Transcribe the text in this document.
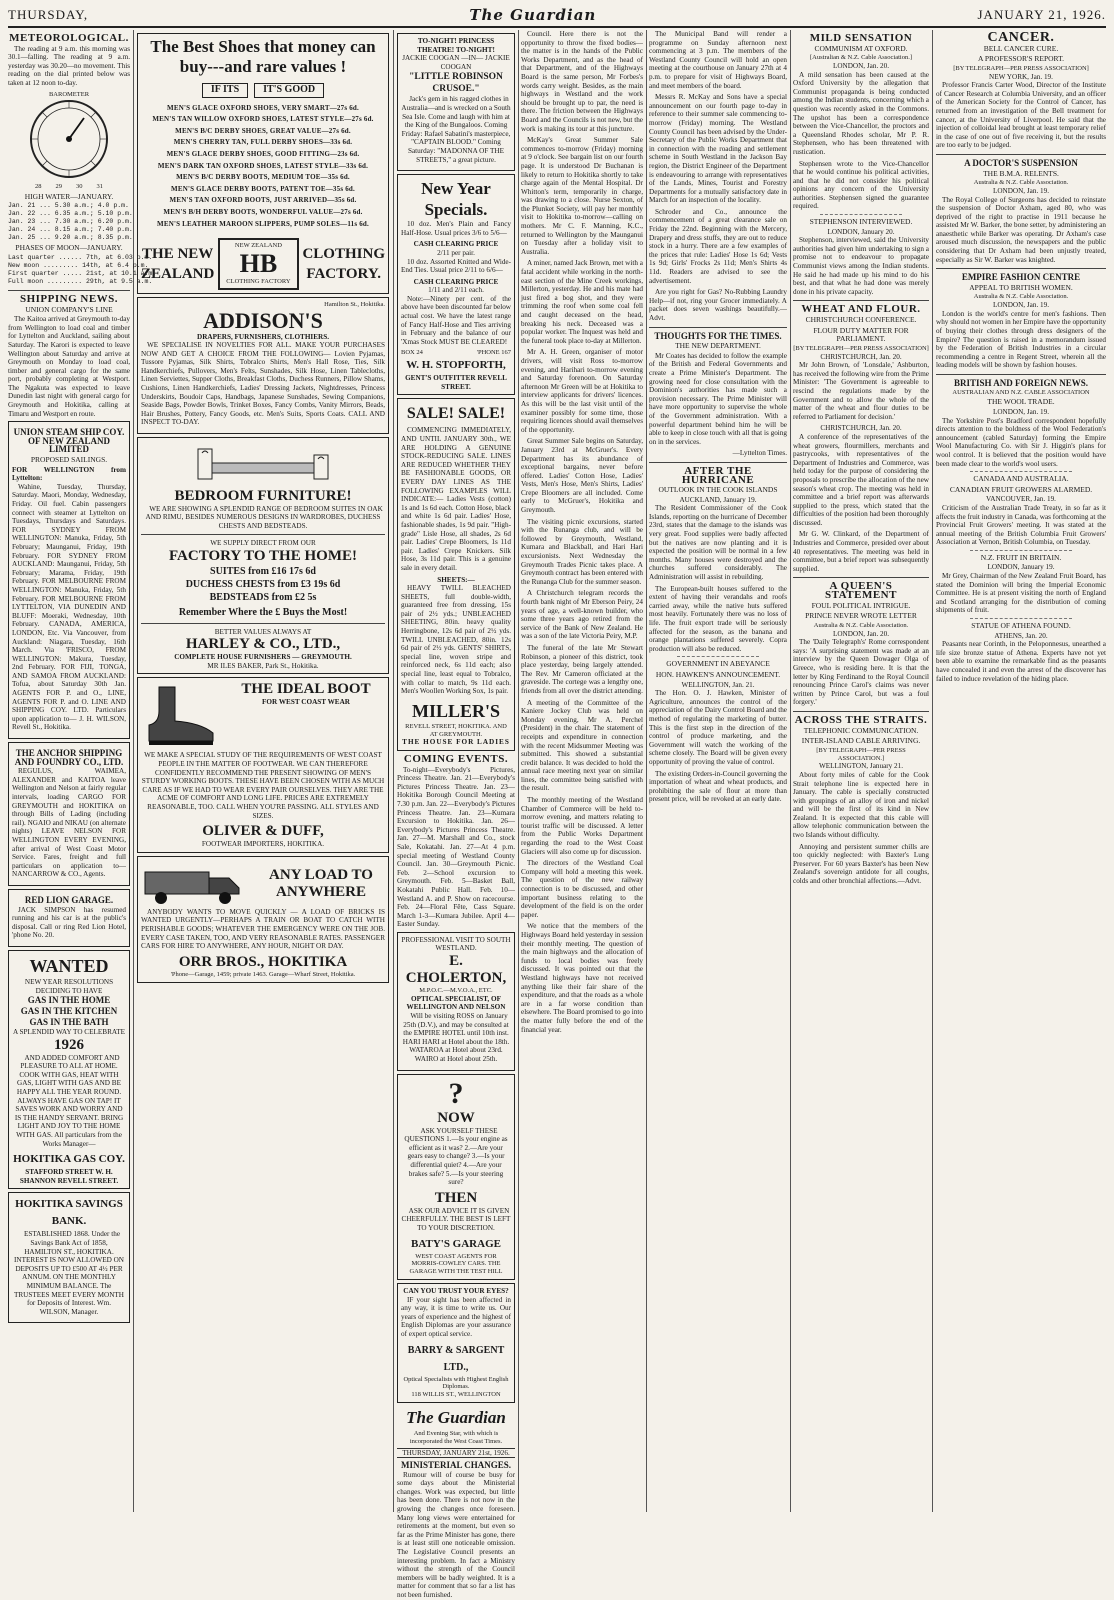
THURSDAY,	The Guardian	JANUARY 21, 1926.
METEOROLOGICAL.

The reading at 9 a.m. this morning was 30.1—falling. The reading at 9 a.m. yesterday was 30.20—no movement. This reading on the dial printed below was taken at 12 noon to-day.

BAROMETER
28 29 30 31
HIGH WATER—JANUARY.
Jan. 21 ... 5.30 a.m.; 4.0 p.m.
Jan. 22 ... 6.35 a.m.; 5.10 p.m.
Jan. 23 ... 7.30 a.m.; 6.20 p.m.
Jan. 24 ... 8.15 a.m.; 7.40 p.m.
Jan. 25 ... 9.20 a.m.; 8.35 p.m.
PHASES OF MOON—JANUARY.
Last quarter ...... 7th, at 6.03 p.m.
New moon ......... 14th, at 6.4 p.m.
First quarter ..... 21st, at 10.1 a.m.
Full moon ......... 29th, at 9.5 a.m.
SHIPPING NEWS.
UNION COMPANY'S LINE

The Kaitoa arrived at Greymouth to-day from Wellington to load coal and timber for Lyttelton and Auckland, sailing about Saturday. The Karori is expected to leave Wellington about Saturday and arrive at Greymouth on Monday to load coal, timber and general cargo for the same port, probably completing at Westport. The Ngakuta was expected to leave Dunedin last night with general cargo for Greymouth and Hokitika, calling at Timaru and Westport en route.

UNION STEAM SHIP COY. OF NEW ZEALAND LIMITED
PROPOSED SAILINGS.
FOR WELLINGTON from Lyttelton:

Wahine, Tuesday, Thursday, Saturday. Maori, Monday, Wednesday, Friday. Oil fuel. Cabin passengers connect with steamer at Lyttelton on Tuesdays, Thursdays and Saturdays. FOR SYDNEY FROM WELLINGTON: Manuka, Friday, 5th February; Maunganui, Friday, 19th February. FOR SYDNEY FROM AUCKLAND: Maunganui, Friday, 5th February; Marama, Friday, 19th February. FOR MELBOURNE FROM WELLINGTON: Manuka, Friday, 5th February. FOR MELBOURNE FROM LYTTELTON, VIA DUNEDIN AND BLUFF: Moeraki, Wednesday, 10th February. CANADA, AMERICA, LONDON, Etc. Via Vancouver, from Auckland: Niagara, Tuesday, 16th March. Via 'FRISCO, FROM WELLINGTON: Makura, Tuesday, 2nd February. FOR FIJI, TONGA, AND SAMOA FROM AUCKLAND: Tofua, about Saturday 30th Jan. AGENTS FOR P. and O., LINE, AGENTS FOR P. and O. LINE AND SHIPPING COY. LTD. Particulars upon application to— J. H. WILSON, Revell St., Hokitika.

THE ANCHOR SHIPPING AND FOUNDRY CO., LTD.

REGULUS, WAIMEA, ALEXANDER and KAITOA leave Wellington and Nelson at fairly regular intervals, loading CARGO FOR GREYMOUTH and HOKITIKA on through Bills of Lading (including rail). NGAIO and NIKAU (on alternate nights) LEAVE NELSON FOR WELLINGTON EVERY EVENING, after arrival of West Coast Motor Service. Fares, freight and full particulars on application to— NANCARROW & CO., Agents.

RED LION GARAGE.

JACK SIMPSON has resumed running and his car is at the public's disposal. Call or ring Red Lion Hotel, 'phone No. 20.

WANTED
NEW YEAR RESOLUTIONS DECIDING TO HAVE
GAS IN THE HOME
GAS IN THE KITCHEN
GAS IN THE BATH
A SPLENDID WAY TO CELEBRATE
1926

AND ADDED COMFORT AND PLEASURE TO ALL AT HOME. COOK WITH GAS, HEAT WITH GAS, LIGHT WITH GAS AND BE HAPPY ALL THE YEAR ROUND. ALWAYS HAVE GAS ON TAP! IT SAVES WORK AND WORRY AND IS THE HANDY SERVANT. BRING LIGHT AND JOY TO THE HOME WITH GAS. All particulars from the Works Manager—

HOKITIKA GAS COY.
STAFFORD STREET W. H. SHANNON REVELL STREET.
HOKITIKA SAVINGS BANK.

ESTABLISHED 1868. Under the Savings Bank Act of 1858, HAMILTON ST., HOKITIKA. INTEREST IS NOW ALLOWED ON DEPOSITS UP TO £500 AT 4½ PER ANNUM. ON THE MONTHLY MINIMUM BALANCE. The TRUSTEES MEET EVERY MONTH for Deposits of Interest. Wm. WILSON, Manager.

The Best Shoes that money can buy---and rare values !
IF ITS	IT'S GOOD
MEN'S GLACE OXFORD SHOES, VERY SMART—27s 6d.
MEN'S TAN WILLOW OXFORD SHOES, LATEST STYLE—27s 6d.
MEN'S B/C DERBY SHOES, GREAT VALUE—27s 6d.
MEN'S CHERRY TAN, FULL DERBY SHOES—33s 6d.
MEN'S GLACE DERBY SHOES, GOOD FITTING—23s 6d.
MEN'S DARK TAN OXFORD SHOES, LATEST STYLE—33s 6d.
MEN'S B/C DERBY BOOTS, MEDIUM TOE—35s 6d.
MEN'S GLACE DERBY BOOTS, PATENT TOE—35s 6d.
MEN'S TAN OXFORD BOOTS, JUST ARRIVED—35s 6d.
MEN'S B/H DERBY BOOTS, WONDERFUL VALUE—27s 6d.
MEN'S LEATHER MAROON SLIPPERS, PUMP SOLES—11s 6d.
THE NEW
ZEALAND
NEW ZEALAND
HB
CLOTHING FACTORY
CLOTHING
FACTORY.
Hamilton St., Hokitika.
ADDISON'S
DRAPERS, FURNISHERS, CLOTHIERS.

WE SPECIALISE IN NOVELTIES FOR ALL. MAKE YOUR PURCHASES NOW AND GET A CHOICE FROM THE FOLLOWING— Lovien Pyjamas, Tussore Pyjamas, Silk Shirts, Tobralco Shirts, Men's Hall Rose, Ties, Silk Handkerchiefs, Pullovers, Men's Felts, Sunshades, Silk Hose, Linen Tablecloths, Linen Serviettes, Supper Cloths, Breakfast Cloths, Duchess Runners, Pillow Shams, Cushions, Linen Handkerchiefs, Ladies' Dressing Jackets, Nightdresses, Princess Underskirts, Boudoir Caps, Handbags, Japanese Sunshades, Sewing Companions, Seaside Bags, Powder Bowls, Trinket Boxes, Fancy Combs, Vanity Mirrors, Beads, Hair Brushes, Pottery, Fancy Goods, etc. Men's Suits, Sports Coats. CALL AND INSPECT TO-DAY.

BEDROOM FURNITURE!

WE ARE SHOWING A SPLENDID RANGE OF BEDROOM SUITES IN OAK AND RIMU, BESIDES NUMEROUS DESIGNS IN WARDROBES, DUCHESS CHESTS AND BEDSTEADS.

WE SUPPLY DIRECT FROM OUR
FACTORY TO THE HOME!
SUITES from £16 17s 6d
DUCHESS CHESTS from £3 19s 6d
BEDSTEADS from £2 5s
Remember Where the £ Buys the Most!
BETTER VALUES ALWAYS AT
HARLEY & CO., LTD.,
COMPLETE HOUSE FURNISHERS — GREYMOUTH.
MR ILES BAKER, Park St., Hokitika.
THE IDEAL BOOT
FOR WEST COAST WEAR

WE MAKE A SPECIAL STUDY OF THE REQUIREMENTS OF WEST COAST PEOPLE IN THE MATTER OF FOOTWEAR. WE CAN THEREFORE CONFIDENTLY RECOMMEND THE PRESENT SHOWING OF MEN'S STURDY WORKING BOOTS. THESE HAVE BEEN CHOSEN WITH AS MUCH CARE AS IF WE HAD TO WEAR EVERY PAIR OURSELVES. THEY ARE THE ACME OF COMFORT AND LONG LIFE. PRICES ARE EXTREMELY REASONABLE, TOO. CALL WHEN YOU'RE PASSING. ALL STYLES AND SIZES.

OLIVER & DUFF,
FOOTWEAR IMPORTERS, HOKITIKA.
ANY LOAD TO ANYWHERE

ANYBODY WANTS TO MOVE QUICKLY — A LOAD OF BRICKS IS WANTED URGENTLY—PERHAPS A TRAIN OR BOAT TO CATCH WITH PERISHABLE GOODS; WHATEVER THE EMERGENCY WERE ON THE JOB. EVERY CASE TAKEN, TOO, AND VERY REASONABLE RATES. PASSENGER CARS FOR HIRE TO ANYWHERE, ANY HOUR, NIGHT OR DAY.

ORR BROS., HOKITIKA
'Phone—Garage, 1459; private 1463. Garage—Wharf Street, Hokitika.
TO-NIGHT! PRINCESS THEATRE! TO-NIGHT!
JACKIE COOGAN —IN— JACKIE COOGAN
"LITTLE ROBINSON CRUSOE."

Jack's gem in his ragged clothes in Australia—and is wrecked on a South Sea Isle. Come and laugh with him at the King of the Bungaloos. Coming Friday: Rafael Sabatini's masterpiece, "CAPTAIN BLOOD." Coming Saturday: "MADONNA OF THE STREETS," a great picture.

New Year Specials.

10 doz. Men's Plain and Fancy Half-Hose. Usual prices 3/6 to 5/6—

CASH CLEARING PRICE
2/11 per pair.

10 doz. Assorted Knitted and Wide-End Ties. Usual price 2/11 to 6/6—

CASH CLEARING PRICE
1/11 and 2/11 each.

Note:—Ninety per cent. of the above have been discounted far below actual cost. We have the latest range of Fancy Half-Hose and Ties arriving in February and the balance of our 'Xmas Stock MUST BE CLEARED!

BOX 24	'PHONE 167
W. H. STOPFORTH,
GENT'S OUTFITTER REVELL STREET.
SALE! SALE!

COMMENCING IMMEDIATELY, AND UNTIL JANUARY 30th., WE ARE HOLDING A GENUINE STOCK-REDUCING SALE. LINES ARE REDUCED WHETHER THEY BE FASHIONABLE GOODS, OR EVERY DAY LINES AS THE FOLLOWING EXAMPLES WILL INDICATE:— Ladies Vests (cotton) 1s and 1s 6d each. Cotton Hose, black and white 1s 6d pair. Ladies' Hose, fashionable shades, 1s 9d pair. "High-grade" Lisle Hose, all shades, 2s 6d pair. Ladies' Crepe Bloomers, 1s 11d pair. Ladies' Crepe Knickers. Silk Hose, 3s 11d pair. This is a genuine sale in every detail.

SHEETS:—

HEAVY TWILL BLEACHED SHEETS, full double-width, guaranteed free from dressing, 15s pair of 2½ yds.; UNBLEACHED SHEETING, 80in. heavy quality Herringbone, 12s 6d pair of 2½ yds. TWILL UNBLEACHED, 80in. 12s 6d pair of 2½ yds. GENTS' SHIRTS, special line, woven stripe and reinforced neck, 6s 11d each; also special line, least equal to Tobralco, with collar to match, 9s 11d each. Men's Woollen Working Sox, 1s pair.

MILLER'S
REVELL STREET, HOKITIKA. AND AT GREYMOUTH.
THE HOUSE FOR LADIES
COMING EVENTS.

To-night—Everybody's Pictures, Princess Theatre. Jan. 21—Everybody's Pictures Princess Theatre. Jan. 23—Hokitika Borough Council Meeting at 7.30 p.m. Jan. 22—Everybody's Pictures Princess Theatre. Jan. 23—Kumara Excursion to Hokitika. Jan. 26—Everybody's Pictures Princess Theatre. Jan. 27—M. Marshall and Co., stock Sale, Kokatahi. Jan. 27—At 4 p.m. special meeting of Westland County Council. Jan. 30—Greymouth Picnic. Feb. 2—School excursion to Greymouth. Feb. 5—Basket Ball, Kokatahi Public Hall. Feb. 10—Westland A. and P. Show on racecourse. Feb. 24—Floral Fête, Cass Square. March 1-3—Kumara Jubilee. April 4—Easter Sunday.

PROFESSIONAL VISIT TO SOUTH WESTLAND.
E. CHOLERTON,
M.P.O.C.—M.V.O.A., ETC.
OPTICAL SPECIALIST, OF WELLINGTON AND NELSON

Will be visiting ROSS on January 25th (D.V.), and may be consulted at the EMPIRE HOTEL until 10th inst. HARI HARI at Hotel about the 18th. WATAROA at Hotel about 23rd. WAIRO at Hotel about 25th.

?
NOW

ASK YOURSELF THESE QUESTIONS 1.—Is your engine as efficient as it was? 2.—Are your gears easy to change? 3.—Is your differential quiet? 4.—Are your brakes safe? 5.—Is your steering sure?

THEN

ASK OUR ADVICE IT IS GIVEN CHEERFULLY. THE BEST IS LEFT TO YOUR DISCRETION.

BATY'S GARAGE
WEST COAST AGENTS FOR MORRIS-COWLEY CARS. THE GARAGE WITH THE TEST HILL
CAN YOU TRUST YOUR EYES?

IF your sight has been affected in any way, it is time to write us. Our years of experience and the highest of English Diplomas are your assurance of expert optical service.

BARRY & SARGENT LTD.,
Optical Specialists with Highest English Diplomas.
118 WILLIS ST., WELLINGTON
The Guardian
And Evening Star, with which is incorporated the West Coast Times.
THURSDAY, JANUARY 21st, 1926.
MINISTERIAL CHANGES.

Rumour will of course be busy for some days about the Ministerial changes. Work was expected, but little has been done. There is not now in the growing the changes once foreseen. Many long views were entertained for retirements at the moment, but even so far as the Prime Minister has gone, there is at least still one noticeable omission. The Legislative Council presents an interesting problem. In fact a Ministry without the strength of the Council members will be badly weighted. It is a matter for comment that so far a list has not been furnished.

Council. Here there is not the opportunity to throw the fixed bodies—the matter is in the hands of the Public Works Department, and as the head of that Department, and of the Highways Board is the same person, Mr Forbes's words carry weight. Besides, as the main highways in Westland and the work should be brought up to par, the need is there. The friction between the Highways Board and the Councils is not new, but the work is making its tour at this juncture.

McKay's Great Summer Sale commences to-morrow (Friday) morning at 9 o'clock. See bargain list on our fourth page. It is understood Dr Buchanan is likely to return to Hokitika shortly to take charge again of the Mental Hospital. Dr Whitton's term, temporarily in charge, was drawing to a close. Nurse Sexton, of the Plunket Society, will pay her monthly visit to Hokitika to-morrow—calling on mothers. Mr C. F. Manning, K.C., returned to Wellington by the Maunganui on Tuesday after a holiday visit to Australia.

A miner, named Jack Brown, met with a fatal accident while working in the north-east section of the Mine Creek workings, Millerton, yesterday. He and his mate had just fired a bog shot, and they were trimming the roof when some coal fell and caught deceased on the head, breaking his neck. Deceased was a popular worker. The Inquest was held and the funeral took place to-day at Millerton.

Mr A. H. Green, organiser of motor drivers, will visit Ross to-morrow evening, and Harihari to-morrow evening and Saturday forenoon. On Saturday afternoon Mr Green will be at Hokitika to interview applicants for drivers' licences. As this will be the last visit until of the examiner possibly for some time, those requiring licences should avail themselves of the opportunity.

Great Summer Sale begins on Saturday, January 23rd at McGruer's. Every Department has its abundance of exceptional bargains, never before offered. Ladies' Cotton Hose, Ladies' Vests, Men's Hose, Men's Shirts, Ladies' Crepe Bloomers are all included. Come early to McGruer's, Hokitika and Greymouth.

The visiting picnic excursions, started with the Runanga club, and will be followed by Greymouth, Westland, Kumara and Blackball, and Hari Hari excursionists. Next Wednesday the Greymouth Trades Picnic takes place. A Greymouth contract has been entered with the Runanga Club for the summer season.

A Christchurch telegram records the fourth bank night of Mr Eberson Peiry, 24 years of age, a well-known builder, who some three years ago retired from the service of the Bank of New Zealand. He was a son of the late Victoria Peiry, M.P.

The funeral of the late Mr Stewart Robinson, a pioneer of this district, took place yesterday, being largely attended. The Rev. Mr Cameron officiated at the graveside. The cortege was a lengthy one, friends from all over the district attending.

A meeting of the Committee of the Kaniere Jockey Club was held on Monday evening, Mr A. Perchel (President) in the chair. The statement of receipts and expenditure in connection with the recent Midsummer Meeting was submitted. This showed a substantial credit balance. It was decided to hold the annual race meeting next year on similar lines, the committee being satisfied with the result.

The monthly meeting of the Westland Chamber of Commerce will be held to-morrow evening, and matters relating to tourist traffic will be discussed. A letter from the Public Works Department regarding the road to the West Coast Glaciers will also come up for discussion.

The directors of the Westland Coal Company will hold a meeting this week. The question of the new railway connection is to be discussed, and other important business relating to the development of the field is on the order paper.

We notice that the members of the Highways Board held yesterday in session their monthly meeting. The question of the main highways and the allocation of funds to local bodies was freely discussed. It was pointed out that the Westland highways have not received anything like their fair share of the expenditure, and that the roads as a whole are in a far worse condition than elsewhere. The Board promised to go into the matter fully before the end of the financial year.

The Municipal Band will render a programme on Sunday afternoon next commencing at 3 p.m. The members of the Westland County Council will hold an open meeting at the courthouse on January 27th at 4 p.m. to prepare for visit of Highways Board, and meet members of the board.

Messrs R. McKay and Sons have a special announcement on our fourth page to-day in reference to their summer sale commencing to-morrow (Friday) morning. The Westland County Council has been advised by the Under-Secretary of the Public Works Department that in connection with the roading and settlement scheme in South Westland in the Jackson Bay region, the District Engineer of the Department is endeavouring to arrange with representatives of the Lands, Mines, Tourist and Forestry Departments for a mutually satisfactory date in March for an inspection of the locality.

Schroder and Co., announce the commencement of a great clearance sale on Friday the 22nd. Beginning with the Mercery, Drapery and dress stuffs, they are out to reduce stock in a hurry. There are a few examples of the prices that rule: Ladies' Hose 1s 6d; Vests 1s 9d; Girls' Frocks 2s 11d; Men's Shirts 4s 11d. Readers are advised to see the advertisement.

Are you right for Gas? No-Rubbing Laundry Help—if not, ring your Grocer immediately. A packet does seven washings beautifully.—Advt.

THOUGHTS FOR THE TIMES.
THE NEW DEPARTMENT.

Mr Coates has decided to follow the example of the British and Federal Governments and create a Prime Minister's Department. The growing need for close consultation with the Dominion's authorities has made such a provision necessary. The Prime Minister will have more opportunity to supervise the whole of the Government administration. With a powerful department behind him he will be able to keep in close touch with all that is going on in the services.

—Lyttelton Times.
AFTER THE HURRICANE
OUTLOOK IN THE COOK ISLANDS
AUCKLAND, January 19.

The Resident Commissioner of the Cook Islands, reporting on the hurricane of December 23rd, states that the damage to the islands was very great. Food supplies were badly affected but the natives are now planting and it is expected the position will be normal in a few months. Many houses were destroyed and the churches suffered considerably. The Administration will assist in rebuilding.

The European-built houses suffered to the extent of having their verandahs and roofs carried away, while the native huts suffered most heavily. Fortunately there was no loss of life. The fruit export trade will be seriously affected for the season, as the banana and orange plantations suffered severely. Copra production will also be reduced.

GOVERNMENT IN ABEYANCE
HON. HAWKEN'S ANNOUNCEMENT.
WELLINGTON, Jan. 21.

The Hon. O. J. Hawken, Minister of Agriculture, announces the control of the appreciation of the Dairy Control Board and the method of regulating the marketing of butter. This is the first step in the direction of the control of produce marketing, and the Government will watch the working of the scheme closely. The Board will be given every opportunity of proving the value of control.

The existing Orders-in-Council governing the importation of wheat and wheat products, and prohibiting the sale of flour at more than present price, will be revoked at an early date.

MILD SENSATION
COMMUNISM AT OXFORD.
[Australian & N.Z. Cable Association.]
LONDON, Jan. 20.

A mild sensation has been caused at the Oxford University by the allegation that Communist propaganda is being conducted among the Indian students, concerning which a question was recently asked in the Commons. The upshot has been a correspondence between the Vice-Chancellor, the proctors and a Queensland Rhodes scholar, Mr P. R. Stephensen, who has been threatened with rustication.

Stephensen wrote to the Vice-Chancellor that he would continue his political activities, and that he did not consider his political opinions any concern of the University authorities. Stephensen signed the guarantee required.

STEPHENSON INTERVIEWED.
LONDON, January 20.

Stephenson, interviewed, said the University authorities had given him undertaking to sign a promise not to endeavour to propagate Communist views among the Indian students. He said he had made up his mind to do his best, and that what he had done was merely done in his private capacity.

WHEAT AND FLOUR.
CHRISTCHURCH CONFERENCE.
FLOUR DUTY MATTER FOR PARLIAMENT.
[BY TELEGRAPH—PER PRESS ASSOCIATION]
CHRISTCHURCH, Jan. 20.

Mr John Brown, of 'Lonsdale,' Ashburton, has received the following wire from the Prime Minister: 'The Government is agreeable to rescind the regulations made by the Government and to allow the whole of the matter of the wheat and flour duties to be referred to Parliament for decision.'

CHRISTCHURCH, Jan. 20.

A conference of the representatives of the wheat growers, flourmillers, merchants and pastrycooks, with representatives of the Department of Industries and Commerce, was held today for the purpose of considering the proposals to prescribe the allocation of the new season's wheat crop. The meeting was held in committee and a brief report was afterwards supplied to the press, which stated that the difficulties of the position had been thoroughly discussed.

Mr G. W. Clinkard, of the Department of Industries and Commerce, presided over about 40 representatives. The meeting was held in committee, but a brief report was subsequently supplied.

A QUEEN'S STATEMENT
FOUL POLITICAL INTRIGUE.
PRINCE NEVER WROTE LETTER
Australia & N.Z. Cable Association.
LONDON, Jan. 20.

The 'Daily Telegraph's' Rome correspondent says: 'A surprising statement was made at an interview by the Queen Dowager Olga of Greece, who is residing here. It is that the letter by King Ferdinand to the Royal Council renouncing Prince Carol's claims was never written by Prince Carol, but was a foul forgery.'

ACROSS THE STRAITS.
TELEPHONIC COMMUNICATION.
INTER-ISLAND CABLE ARRIVING.
[BY TELEGRAPH—PER PRESS ASSOCIATION.]
WELLINGTON, January 21.

About forty miles of cable for the Cook Strait telephone line is expected here in January. The cable is specially constructed with groupings of an alloy of iron and nickel and will be the first of its kind in New Zealand. It is expected that this cable will allow telephonic communication between the two Islands without difficulty.

Annoying and persistent summer chills are too quickly neglected: with Baxter's Lung Preserver. For 60 years Baxter's has been New Zealand's sovereign antidote for all coughs, colds and other bronchial affections.—Advt.

CANCER.
BELL CANCER CURE.
A PROFESSOR'S REPORT.
[BY TELEGRAPH—PER PRESS ASSOCIATION]
NEW YORK, Jan. 19.

Professor Francis Carter Wood, Director of the Institute of Cancer Research at Columbia University, and an officer of the American Society for the Control of Cancer, has returned from an investigation of the Bell treatment for cancer, at the University of Liverpool. He said that the injection of colloidal lead brought at least temporary relief in the case of one out of five receiving it, but the results are too early to be judged.

A DOCTOR'S SUSPENSION
THE B.M.A. RELENTS.
Australia & N.Z. Cable Association.
LONDON, Jan. 19.

The Royal College of Surgeons has decided to reinstate the suspension of Doctor Axham, aged 80, who was deprived of the right to practise in 1911 because he assisted Mr W. Barker, the bone setter, by administering an anaesthetic while Barker was operating. Dr Axham's case aroused much discussion, the newspapers and the public considering that Dr Axham had been unjustly treated, especially as Sir W. Barker was knighted.

EMPIRE FASHION CENTRE
APPEAL TO BRITISH WOMEN.
Australia & N.Z. Cable Association.
LONDON, Jan. 19.

London is the world's centre for men's fashions. Then why should not women in her Empire have the opportunity of buying their clothes through dress designers of the Empire? The question is raised in a memorandum issued by the Federation of British Industries in a circular recommending a centre in Regent Street, wherein all the leading models will be shown by fashion houses.

BRITISH AND FOREIGN NEWS.
AUSTRALIAN AND N.Z. CABLE ASSOCIATION
THE WOOL TRADE.
LONDON, Jan. 19.

The Yorkshire Post's Bradford correspondent hopefully directs attention to the boldness of the Wool Federation's announcement (cabled Saturday) forming the Empire Wool Manufacturing Co. with Sir J. Higgin's plans for wool control. It is believed that the position would have been made clear to the world's wool users.

CANADA AND AUSTRALIA.
CANADIAN FRUIT GROWERS ALARMED.
VANCOUVER, Jan. 19.

Criticism of the Australian Trade Treaty, in so far as it affects the fruit industry in Canada, was forthcoming at the Provincial Fruit Growers' meeting. It was stated at the annual meeting of the British Columbia Fruit Growers' Association at Vernon, British Columbia, on Tuesday.

N.Z. FRUIT IN BRITAIN.
LONDON, January 19.

Mr Grey, Chairman of the New Zealand Fruit Board, has stated the Dominion will bring the Imperial Economic Committee. He is at present visiting the north of England and Scotland arranging for the distribution of coming shipments of fruit.

STATUE OF ATHENA FOUND.
ATHENS, Jan. 20.

Peasants near Corinth, in the Peloponnesus, unearthed a life size bronze statue of Athena. Experts have not yet been able to examine the remarkable find as the peasants have concealed it and even the arrest of the discoverer has failed to induce revelation of the hiding place.
